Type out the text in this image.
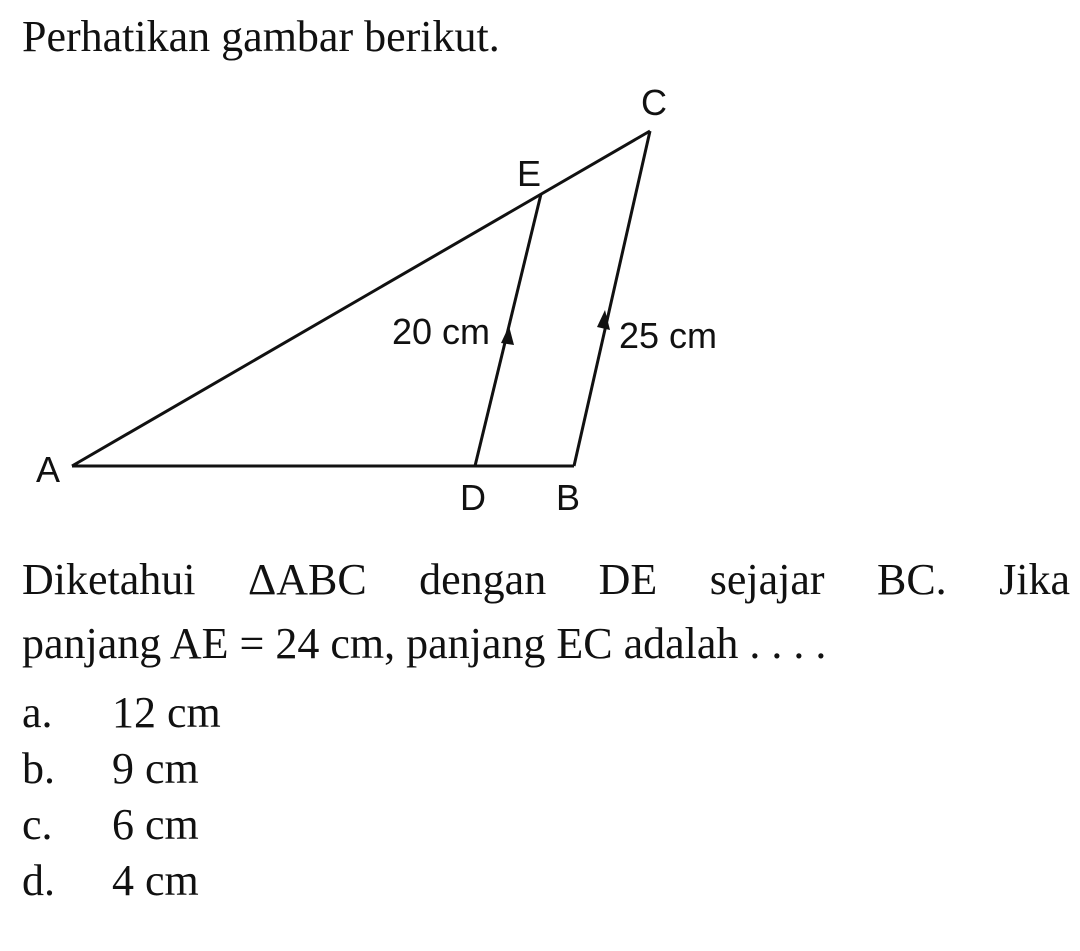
Perhatikan gambar berikut.

A
B
C
D
E
20 cm	25 cm

Diketahui ΔABC dengan DE sejajar BC. Jika
panjang AE = 24 cm, panjang EC adalah . . . .

a.	12 cm
b.	9 cm
c.	6 cm
d.	4 cm
